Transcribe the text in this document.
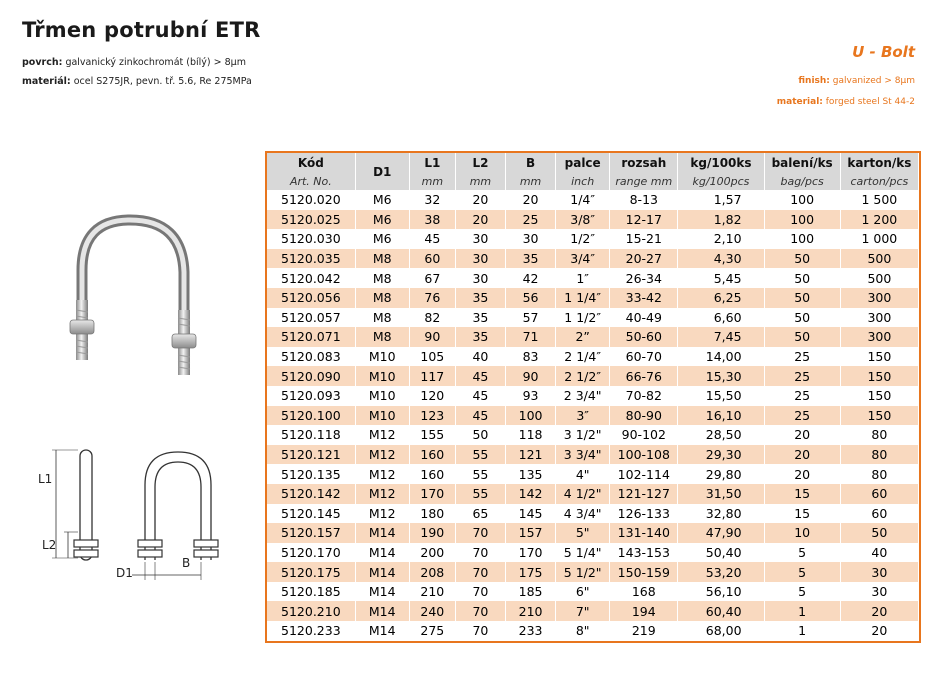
Třmen potrubní ETR
povrch: galvanický zinkochromát (bílý) > 8μm
materiál: ocel S275JR, pevn. tř. 5.6, Re 275MPa
U - Bolt
finish: galvanized > 8μm
material: forged steel St 44-2
L1
L2
D1
B
Kód	D1	L1	L2	B	palce	rozsah	kg/100ks	balení/ks	karton/ks
Art. No.		mm	mm	mm	inch	range mm	kg/100pcs	bag/pcs	carton/pcs
5120.020	M6	32	20	20	1/4″	8-13	1,57	100	1 500
5120.025	M6	38	20	25	3/8″	12-17	1,82	100	1 200
5120.030	M6	45	30	30	1/2″	15-21	2,10	100	1 000
5120.035	M8	60	30	35	3/4″	20-27	4,30	50	500
5120.042	M8	67	30	42	1″	26-34	5,45	50	500
5120.056	M8	76	35	56	1 1/4″	33-42	6,25	50	300
5120.057	M8	82	35	57	1 1/2″	40-49	6,60	50	300
5120.071	M8	90	35	71	2”	50-60	7,45	50	300
5120.083	M10	105	40	83	2 1/4″	60-70	14,00	25	150
5120.090	M10	117	45	90	2 1/2″	66-76	15,30	25	150
5120.093	M10	120	45	93	2 3/4"	70-82	15,50	25	150
5120.100	M10	123	45	100	3″	80-90	16,10	25	150
5120.118	M12	155	50	118	3 1/2"	90-102	28,50	20	80
5120.121	M12	160	55	121	3 3/4"	100-108	29,30	20	80
5120.135	M12	160	55	135	4"	102-114	29,80	20	80
5120.142	M12	170	55	142	4 1/2"	121-127	31,50	15	60
5120.145	M12	180	65	145	4 3/4"	126-133	32,80	15	60
5120.157	M14	190	70	157	5"	131-140	47,90	10	50
5120.170	M14	200	70	170	5 1/4"	143-153	50,40	5	40
5120.175	M14	208	70	175	5 1/2"	150-159	53,20	5	30
5120.185	M14	210	70	185	6"	168	56,10	5	30
5120.210	M14	240	70	210	7"	194	60,40	1	20
5120.233	M14	275	70	233	8"	219	68,00	1	20
